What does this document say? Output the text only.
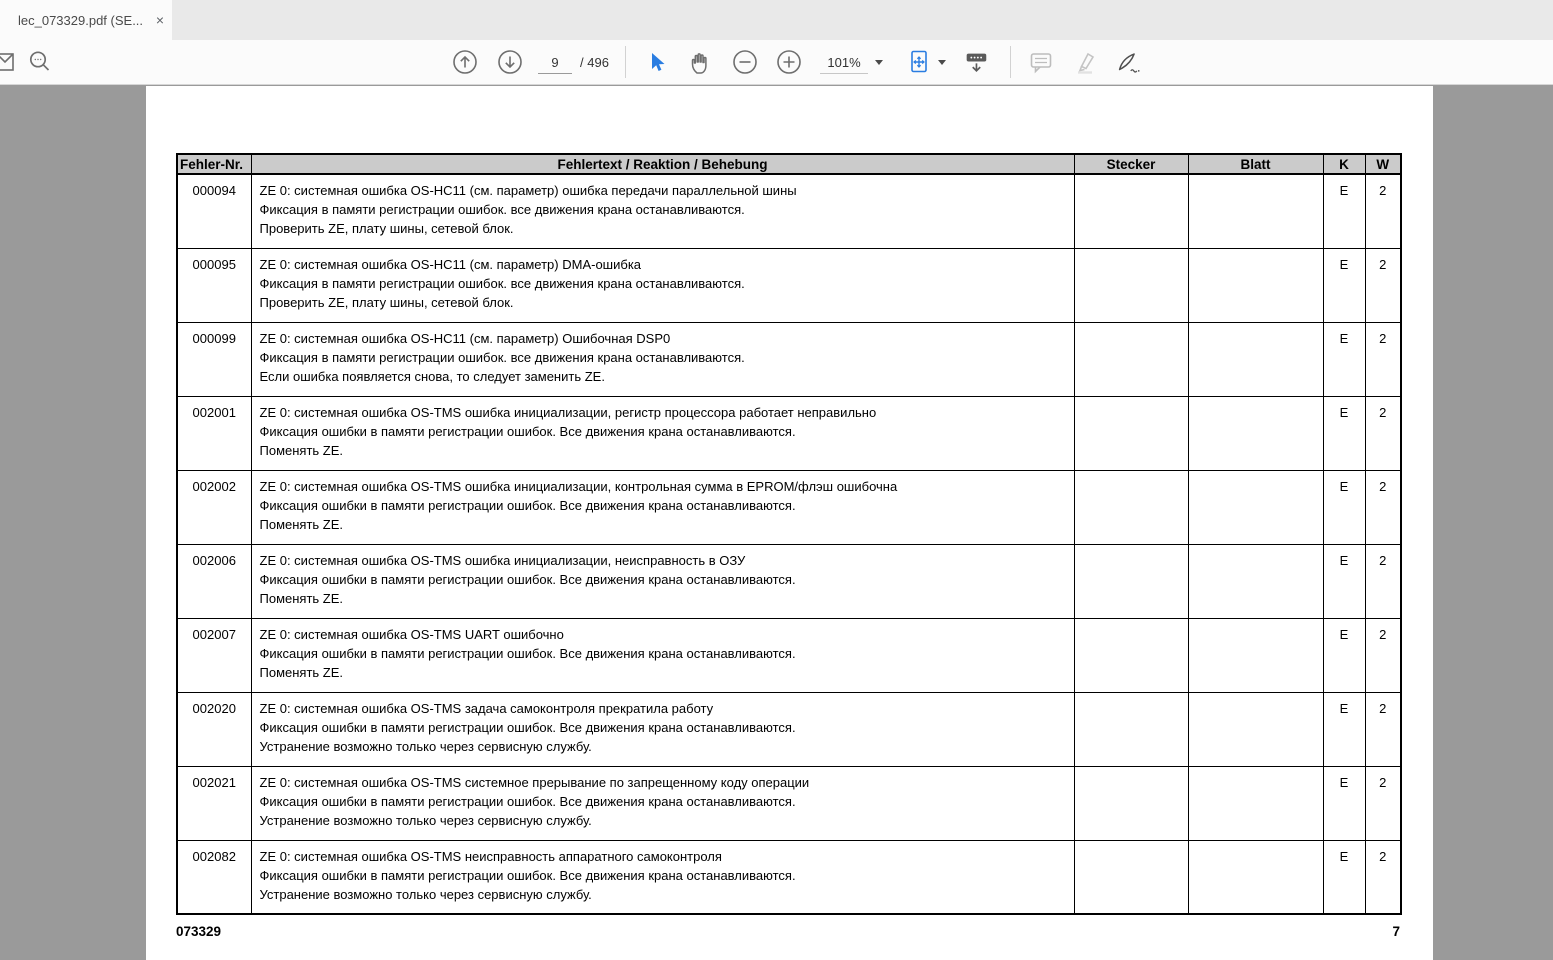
lec_073329.pdf (SE... ×
9
/ 496	101%
Fehler-Nr.	Fehlertext / Reaktion / Behebung	Stecker	Blatt	K	W
000094	ZE 0: системная ошибка OS-HC11 (см. параметр) ошибка передачи параллельной шины
Фиксация в памяти регистрации ошибок. все движения крана останавливаются.
Проверить ZE, плату шины, сетевой блок.			E	2
000095	ZE 0: системная ошибка OS-HC11 (см. параметр) DMA-ошибка
Фиксация в памяти регистрации ошибок. все движения крана останавливаются.
Проверить ZE, плату шины, сетевой блок.			E	2
000099	ZE 0: системная ошибка OS-HC11 (см. параметр) Ошибочная DSP0
Фиксация в памяти регистрации ошибок. все движения крана останавливаются.
Если ошибка появляется снова, то следует заменить ZE.			E	2
002001	ZE 0: системная ошибка OS-TMS ошибка инициализации, регистр процессора работает неправильно
Фиксация ошибки в памяти регистрации ошибок. Все движения крана останавливаются.
Поменять ZE.			E	2
002002	ZE 0: системная ошибка OS-TMS ошибка инициализации, контрольная сумма в EPROM/флэш ошибочна
Фиксация ошибки в памяти регистрации ошибок. Все движения крана останавливаются.
Поменять ZE.			E	2
002006	ZE 0: системная ошибка OS-TMS ошибка инициализации, неисправность в ОЗУ
Фиксация ошибки в памяти регистрации ошибок. Все движения крана останавливаются.
Поменять ZE.			E	2
002007	ZE 0: системная ошибка OS-TMS UART ошибочно
Фиксация ошибки в памяти регистрации ошибок. Все движения крана останавливаются.
Поменять ZE.			E	2
002020	ZE 0: системная ошибка OS-TMS задача самоконтроля прекратила работу
Фиксация ошибки в памяти регистрации ошибок. Все движения крана останавливаются.
Устранение возможно только через сервисную службу.			E	2
002021	ZE 0: системная ошибка OS-TMS системное прерывание по запрещенному коду операции
Фиксация ошибки в памяти регистрации ошибок. Все движения крана останавливаются.
Устранение возможно только через сервисную службу.			E	2
002082	ZE 0: системная ошибка OS-TMS неисправность аппаратного самоконтроля
Фиксация ошибки в памяти регистрации ошибок. Все движения крана останавливаются.
Устранение возможно только через сервисную службу.			E	2
073329	7
